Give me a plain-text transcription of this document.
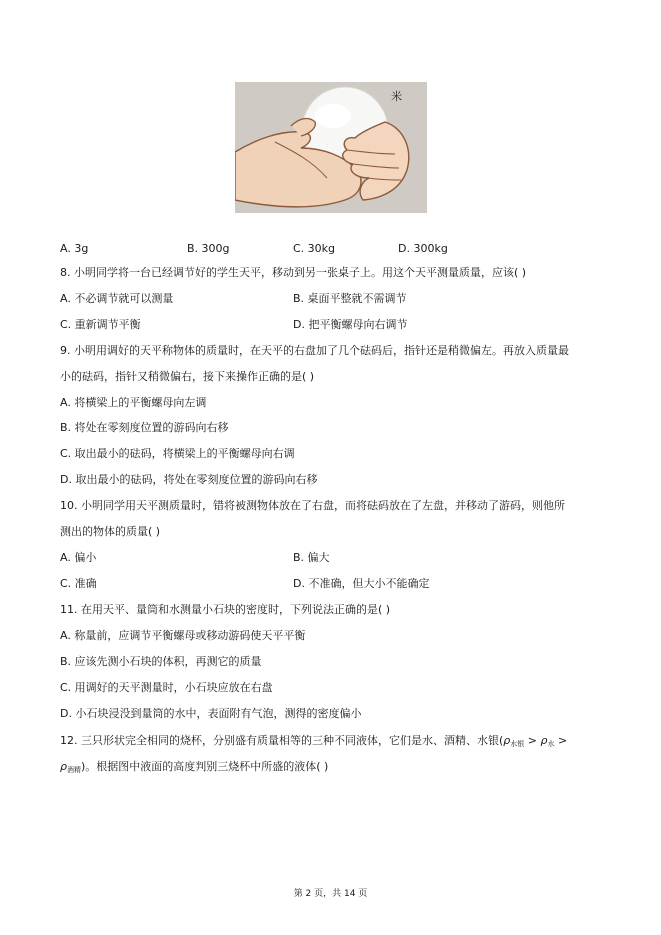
米
A. 3g	B. 300g	C. 30kg	D. 300kg
8. 小明同学将一台已经调节好的学生天平，移动到另一张桌子上。用这个天平测量质量，应该( )
A. 不必调节就可以测量	B. 桌面平整就不需调节
C. 重新调节平衡	D. 把平衡螺母向右调节
9. 小明用调好的天平称物体的质量时，在天平的右盘加了几个砝码后，指针还是稍微偏左。再放入质量最
小的砝码，指针又稍微偏右，接下来操作正确的是( )
A. 将横梁上的平衡螺母向左调
B. 将处在零刻度位置的游码向右移
C. 取出最小的砝码，将横梁上的平衡螺母向右调
D. 取出最小的砝码，将处在零刻度位置的游码向右移
10. 小明同学用天平测质量时，错将被测物体放在了右盘，而将砝码放在了左盘，并移动了游码，则他所
测出的物体的质量( )
A. 偏小	B. 偏大
C. 准确	D. 不准确，但大小不能确定
11. 在用天平、量筒和水测量小石块的密度时，下列说法正确的是( )
A. 称量前，应调节平衡螺母或移动游码使天平平衡
B. 应该先测小石块的体积，再测它的质量
C. 用调好的天平测量时，小石块应放在右盘
D. 小石块浸没到量筒的水中，表面附有气泡，测得的密度偏小
12. 三只形状完全相同的烧杯，分别盛有质量相等的三种不同液体，它们是水、酒精、水银($\rho_{水银} > \rho_水$ >
$\rho_{酒精}$)。根据图中液面的高度判别三烧杯中所盛的液体( )
第 2 页，共 14 页
